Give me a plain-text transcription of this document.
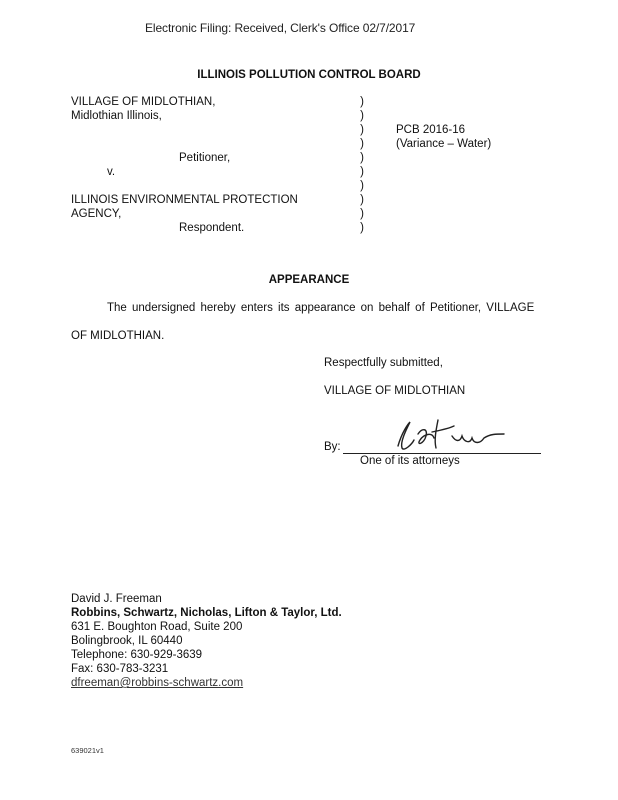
Electronic Filing: Received, Clerk's Office 02/7/2017
ILLINOIS POLLUTION CONTROL BOARD
VILLAGE OF MIDLOTHIAN,
Midlothian Illinois,
Petitioner,
v.
ILLINOIS ENVIRONMENTAL PROTECTION
AGENCY,
Respondent.
)
)
)
)
)
)
)
)
)
)
PCB 2016-16
(Variance – Water)
APPEARANCE
The undersigned hereby enters its appearance on behalf of Petitioner, VILLAGE
OF MIDLOTHIAN.
Respectfully submitted,
VILLAGE OF MIDLOTHIAN
By:
One of its attorneys
David J. Freeman
Robbins, Schwartz, Nicholas, Lifton & Taylor, Ltd.
631 E. Boughton Road, Suite 200
Bolingbrook, IL 60440
Telephone: 630-929-3639
Fax: 630-783-3231
dfreeman@robbins-schwartz.com
639021v1
